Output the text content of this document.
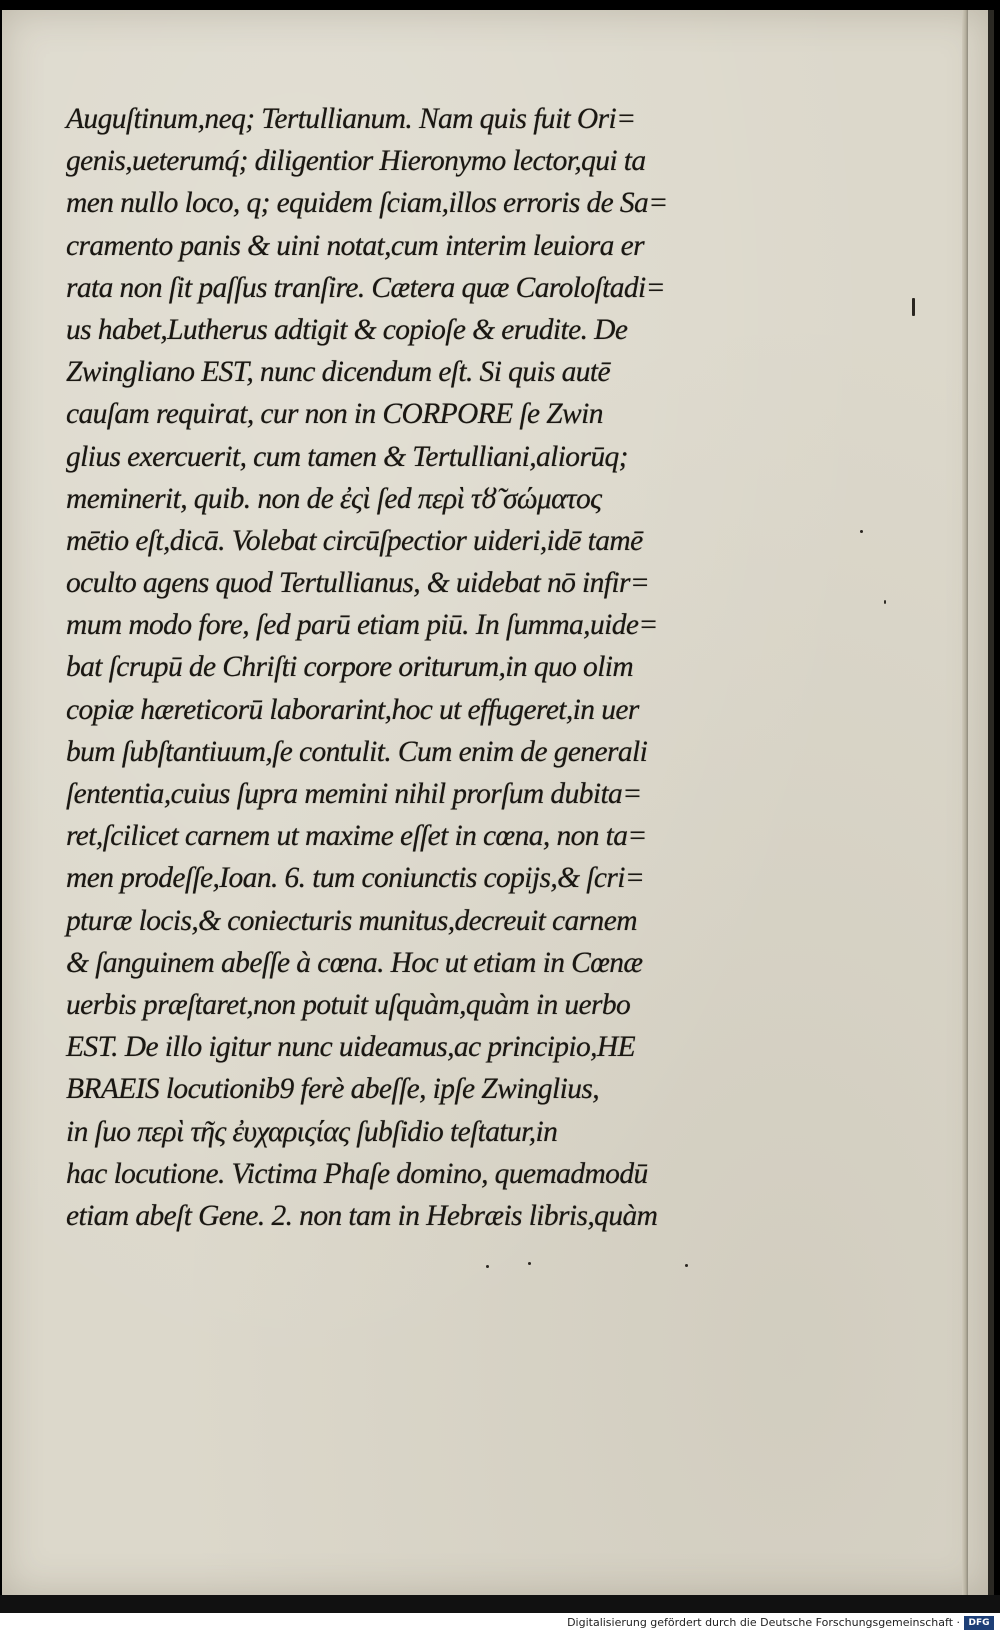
Auguſtinum,neq; Tertullianum. Nam quis fuit Ori=
genis,ueterumq́; diligentior Hieronymo lector,qui ta
men nullo loco, q; equidem ſciam,illos erroris de Sa=
cramento panis & uini notat,cum interim leuiora er
rata non ſit paſſus tranſire. Cætera quæ Caroloſtadi=
us habet,Lutherus adtigit & copioſe & erudite. De
Zwingliano EST, nunc dicendum eſt. Si quis autē
cauſam requirat, cur non in CORPORE ſe Zwin
glius exercuerit, cum tamen & Tertulliani,aliorūq;
meminerit, quib. non de ἐςὶ ſed περὶ τȣ̃ σώματος
mētio eſt,dicā. Volebat circūſpectior uideri,idē tamē
oculto agens quod Tertullianus, & uidebat nō infir=
mum modo fore, ſed parū etiam piū. In ſumma,uide=
bat ſcrupū de Chriſti corpore oriturum,in quo olim
copiæ hæreticorū laborarint,hoc ut effugeret,in uer
bum ſubſtantiuum,ſe contulit. Cum enim de generali
ſententia,cuius ſupra memini nihil prorſum dubita=
ret,ſcilicet carnem ut maxime eſſet in cœna, non ta=
men prodeſſe,Ioan. 6. tum coniunctis copijs,& ſcri=
pturæ locis,& coniecturis munitus,decreuit carnem
& ſanguinem abeſſe à cœna. Hoc ut etiam in Cœnæ
uerbis præſtaret,non potuit uſquàm,quàm in uerbo
EST. De illo igitur nunc uideamus,ac principio,HE
BRAEIS locutionib9 ferè abeſſe, ipſe Zwinglius,
in ſuo περὶ τῆς ἐυχαριςίας ſubſidio teſtatur,in
hac locutione. Victima Phaſe domino, quemadmodū
etiam abeſt Gene. 2. non tam in Hebræis libris,quàm
Digitalisierung gefördert durch die Deutsche Forschungsgemeinschaft · DFG
